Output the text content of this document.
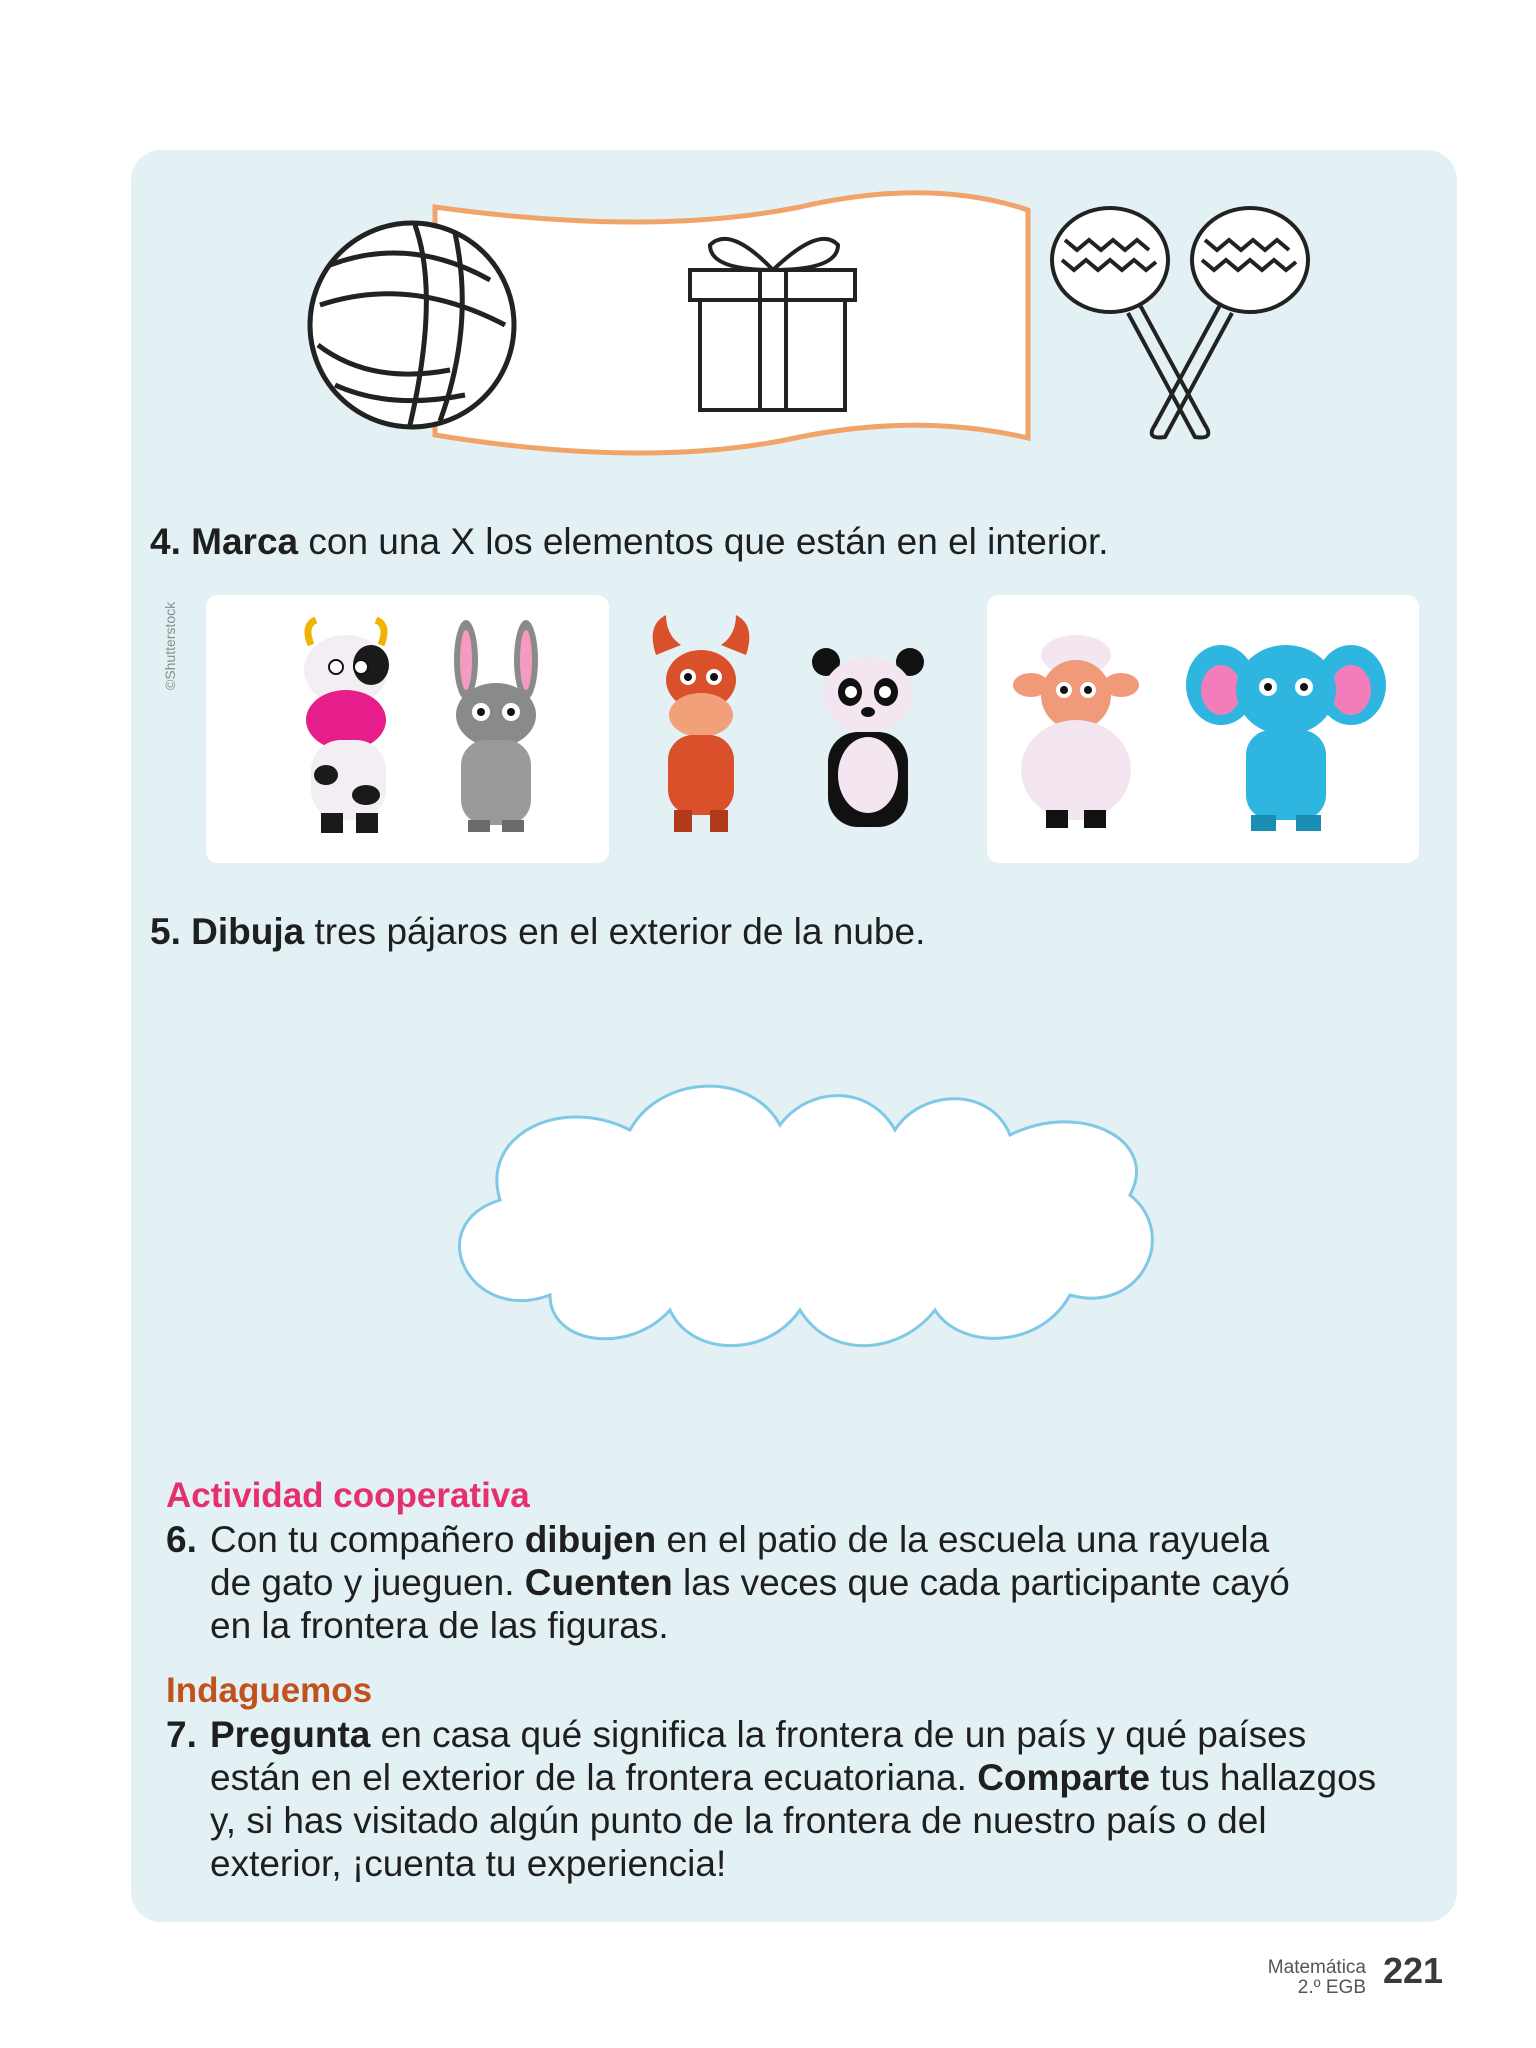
4. Marca con una X los elementos que están en el interior.
©Shutterstock
5. Dibuja tres pájaros en el exterior de la nube.
Actividad cooperativa
6. Con tu compañero dibujen en el patio de la escuela una rayuela
de gato y jueguen. Cuenten las veces que cada participante cayó
en la frontera de las figuras.
Indaguemos
7. Pregunta en casa qué significa la frontera de un país y qué países
están en el exterior de la frontera ecuatoriana. Comparte tus hallazgos
y, si has visitado algún punto de la frontera de nuestro país o del
exterior, ¡cuenta tu experiencia!
Matemática
2.º EGB 221
